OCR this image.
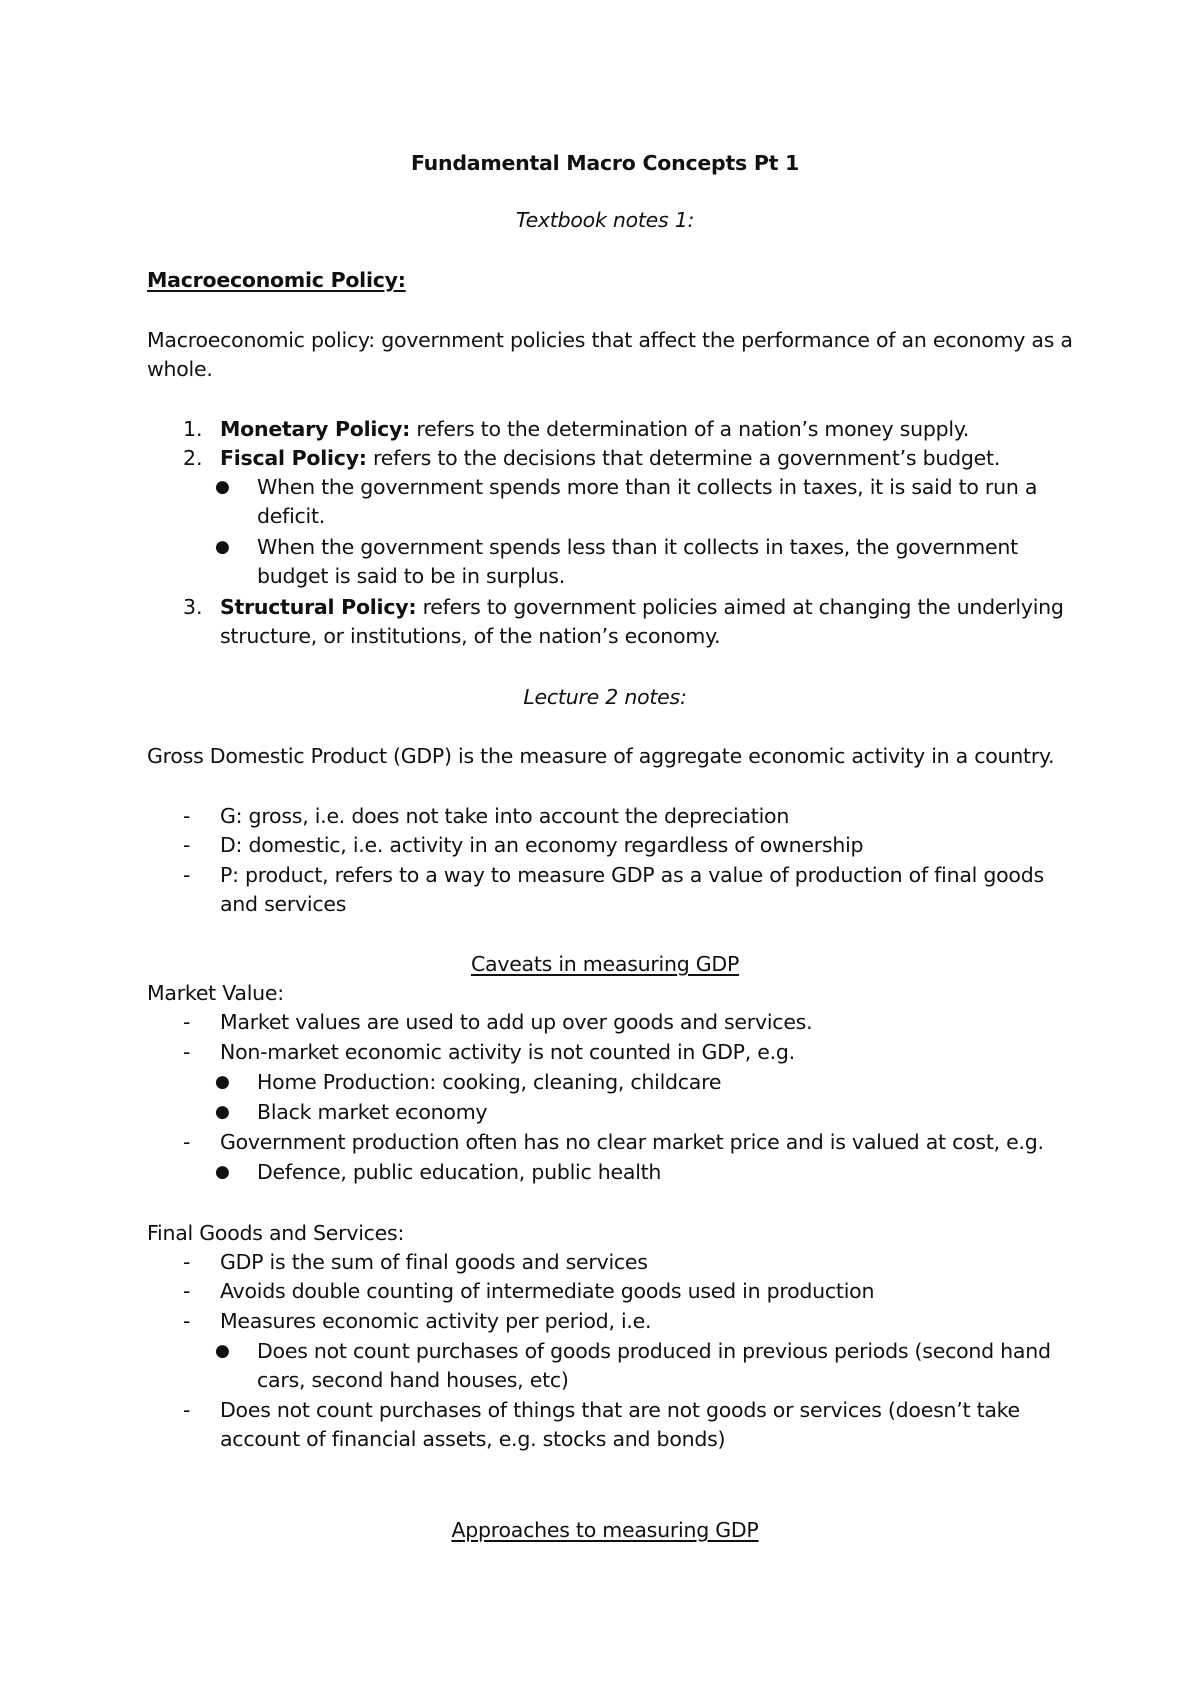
Fundamental Macro Concepts Pt 1
Textbook notes 1:
Macroeconomic Policy:
Macroeconomic policy: government policies that affect the performance of an economy as a
whole.
1. Monetary Policy: refers to the determination of a nation’s money supply.
2. Fiscal Policy: refers to the decisions that determine a government’s budget.
● When the government spends more than it collects in taxes, it is said to run a
deficit.
● When the government spends less than it collects in taxes, the government
budget is said to be in surplus.
3. Structural Policy: refers to government policies aimed at changing the underlying
structure, or institutions, of the nation’s economy.
Lecture 2 notes:
Gross Domestic Product (GDP) is the measure of aggregate economic activity in a country.
- G: gross, i.e. does not take into account the depreciation
- D: domestic, i.e. activity in an economy regardless of ownership
- P: product, refers to a way to measure GDP as a value of production of final goods
and services
Caveats in measuring GDP
Market Value:
- Market values are used to add up over goods and services.
- Non-market economic activity is not counted in GDP, e.g.
● Home Production: cooking, cleaning, childcare
● Black market economy
- Government production often has no clear market price and is valued at cost, e.g.
● Defence, public education, public health
Final Goods and Services:
- GDP is the sum of final goods and services
- Avoids double counting of intermediate goods used in production
- Measures economic activity per period, i.e.
● Does not count purchases of goods produced in previous periods (second hand
cars, second hand houses, etc)
- Does not count purchases of things that are not goods or services (doesn’t take
account of financial assets, e.g. stocks and bonds)
Approaches to measuring GDP
